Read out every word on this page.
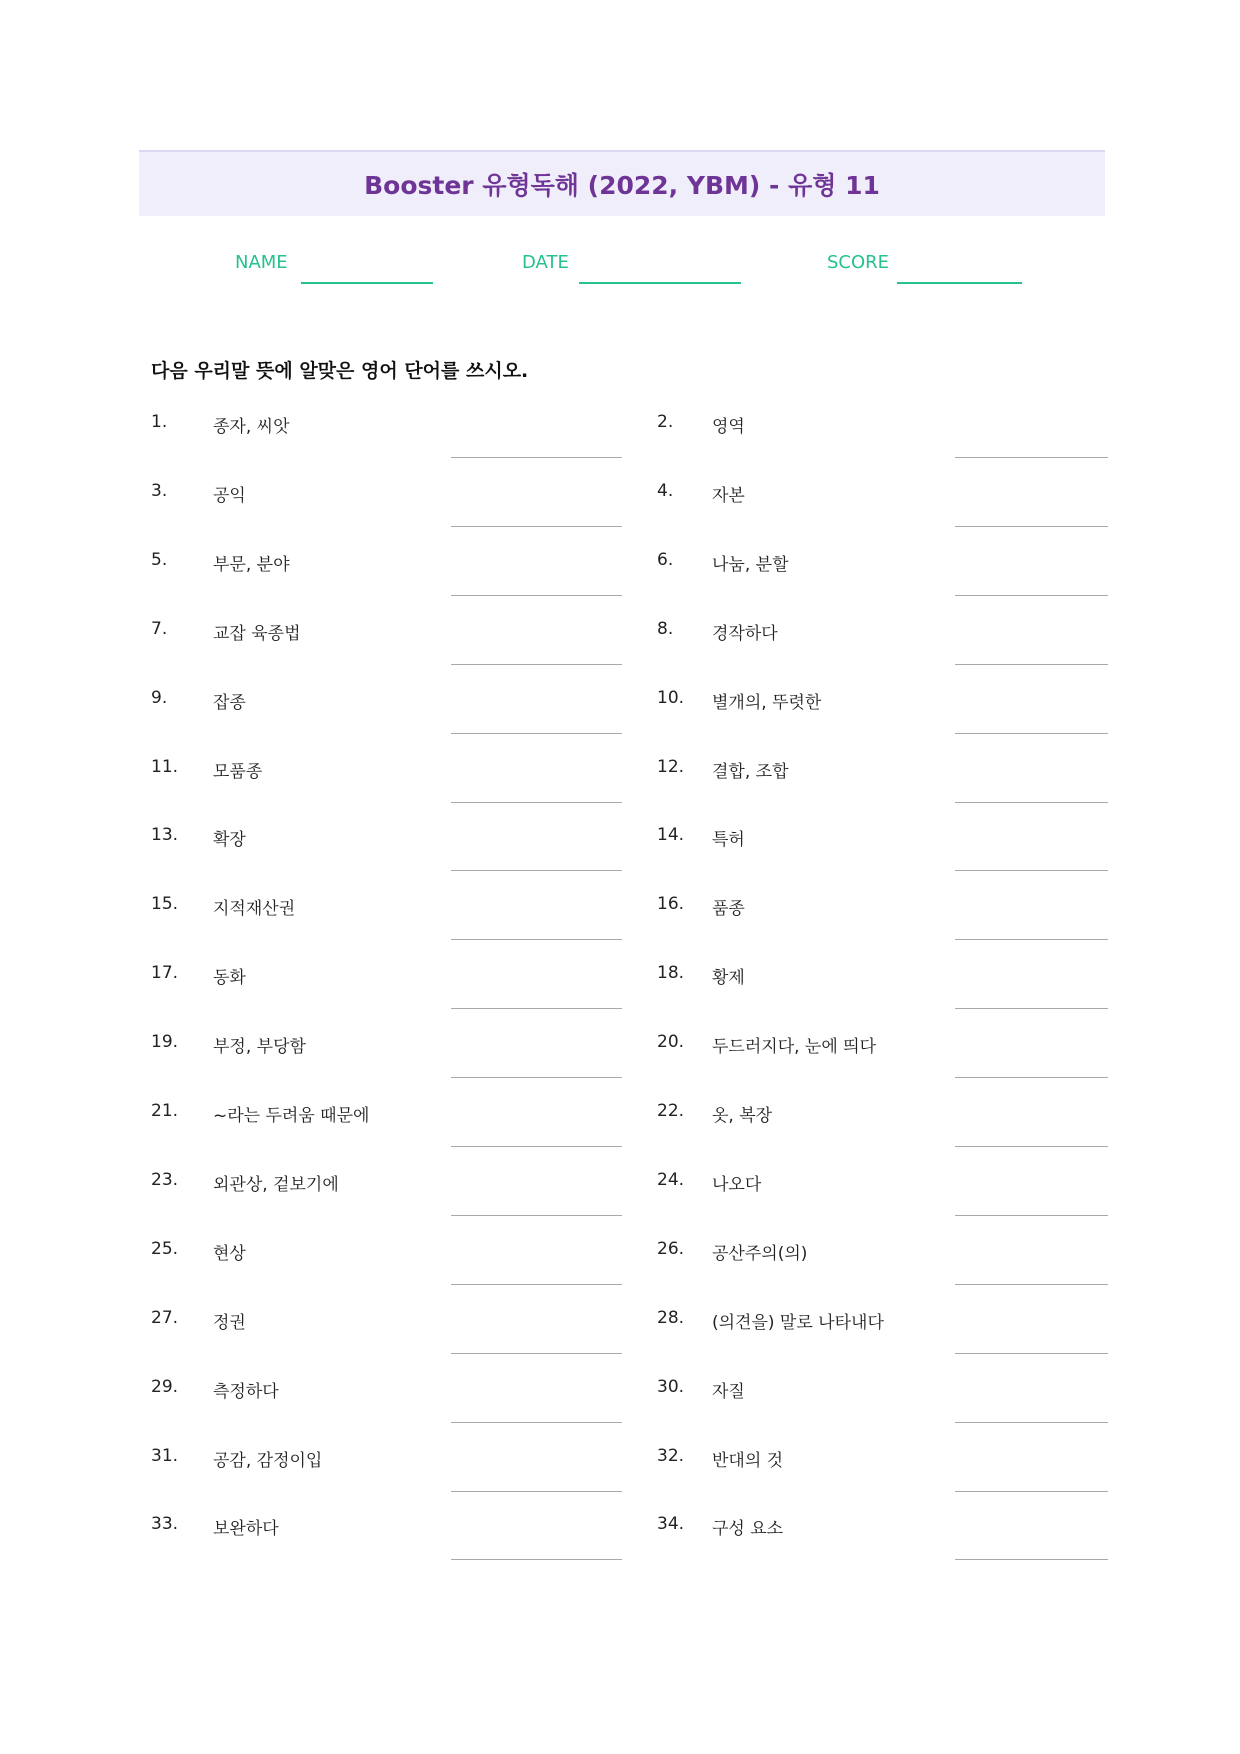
Booster 유형독해 (2022, YBM) - 유형 11
NAME	DATE	SCORE
다음 우리말 뜻에 알맞은 영어 단어를 쓰시오.
1.	종자, 씨앗	2. 영역
3.	공익	4. 자본
5.	부문, 분야	6. 나눔, 분할
7.	교잡 육종법	8. 경작하다
9.	잡종	10. 별개의, 뚜렷한
11. 모품종	12. 결합, 조합
13. 확장	14. 특허
15. 지적재산권	16. 품종
17. 동화	18. 황제
19. 부정, 부당함	20. 두드러지다, 눈에 띄다
21. ~라는 두려움 때문에	22. 옷, 복장
23. 외관상, 겉보기에	24. 나오다
25. 현상	26. 공산주의(의)
27. 정권	28. (의견을) 말로 나타내다
29. 측정하다	30. 자질
31. 공감, 감정이입	32. 반대의 것
33. 보완하다	34. 구성 요소
